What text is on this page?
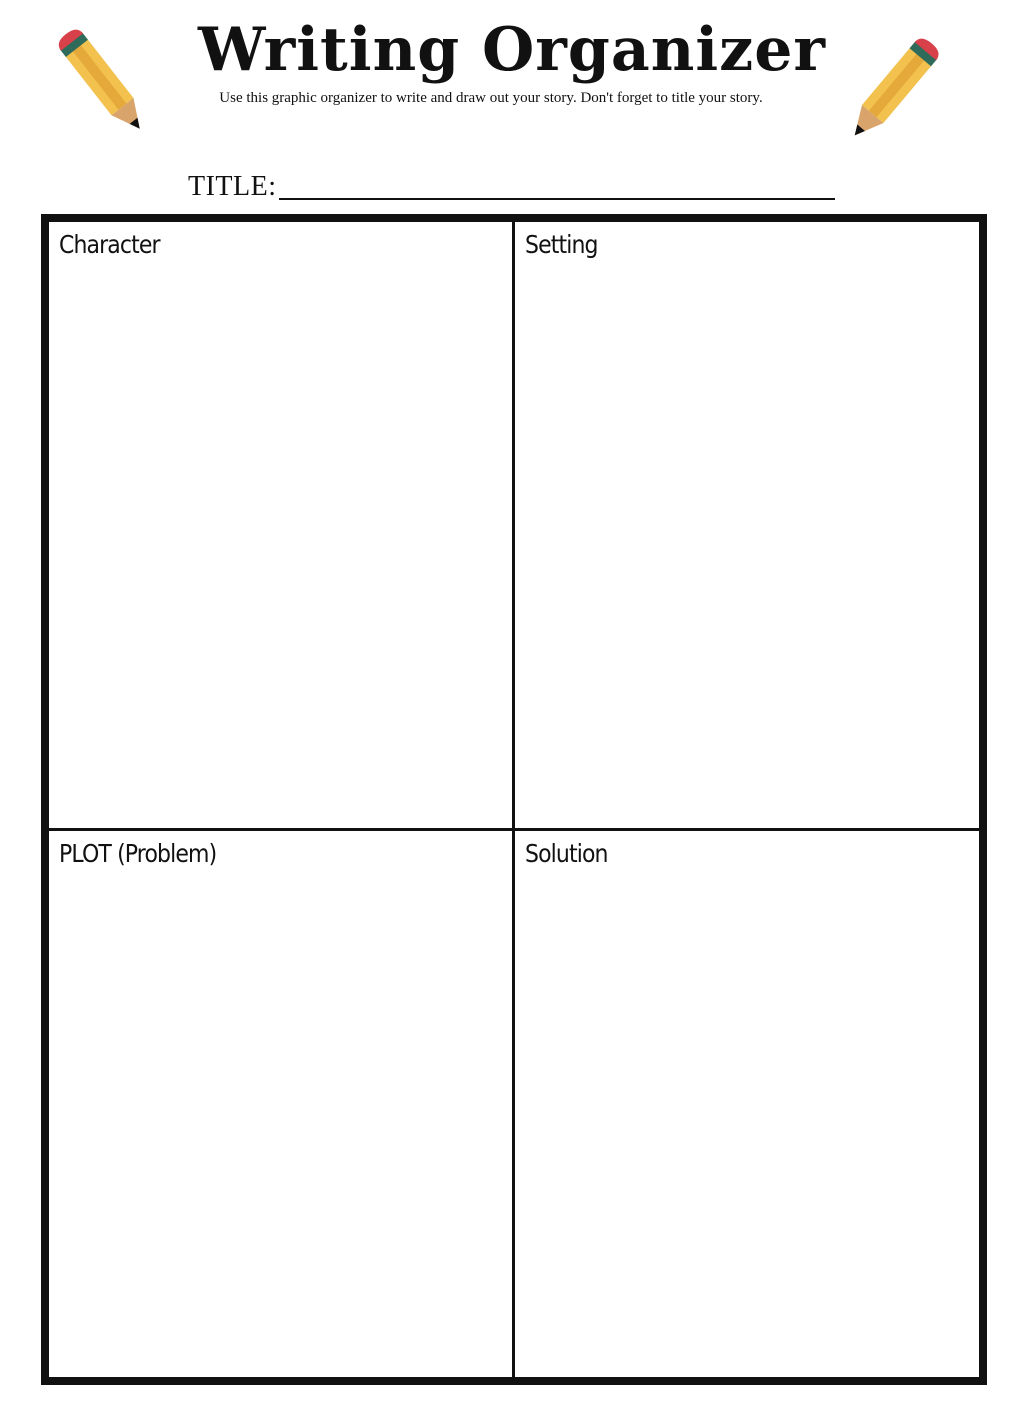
Writing Organizer

Use this graphic organizer to write and draw out your story. Don't forget to title your story.

TITLE:
Character	Setting
PLOT (Problem)	Solution
